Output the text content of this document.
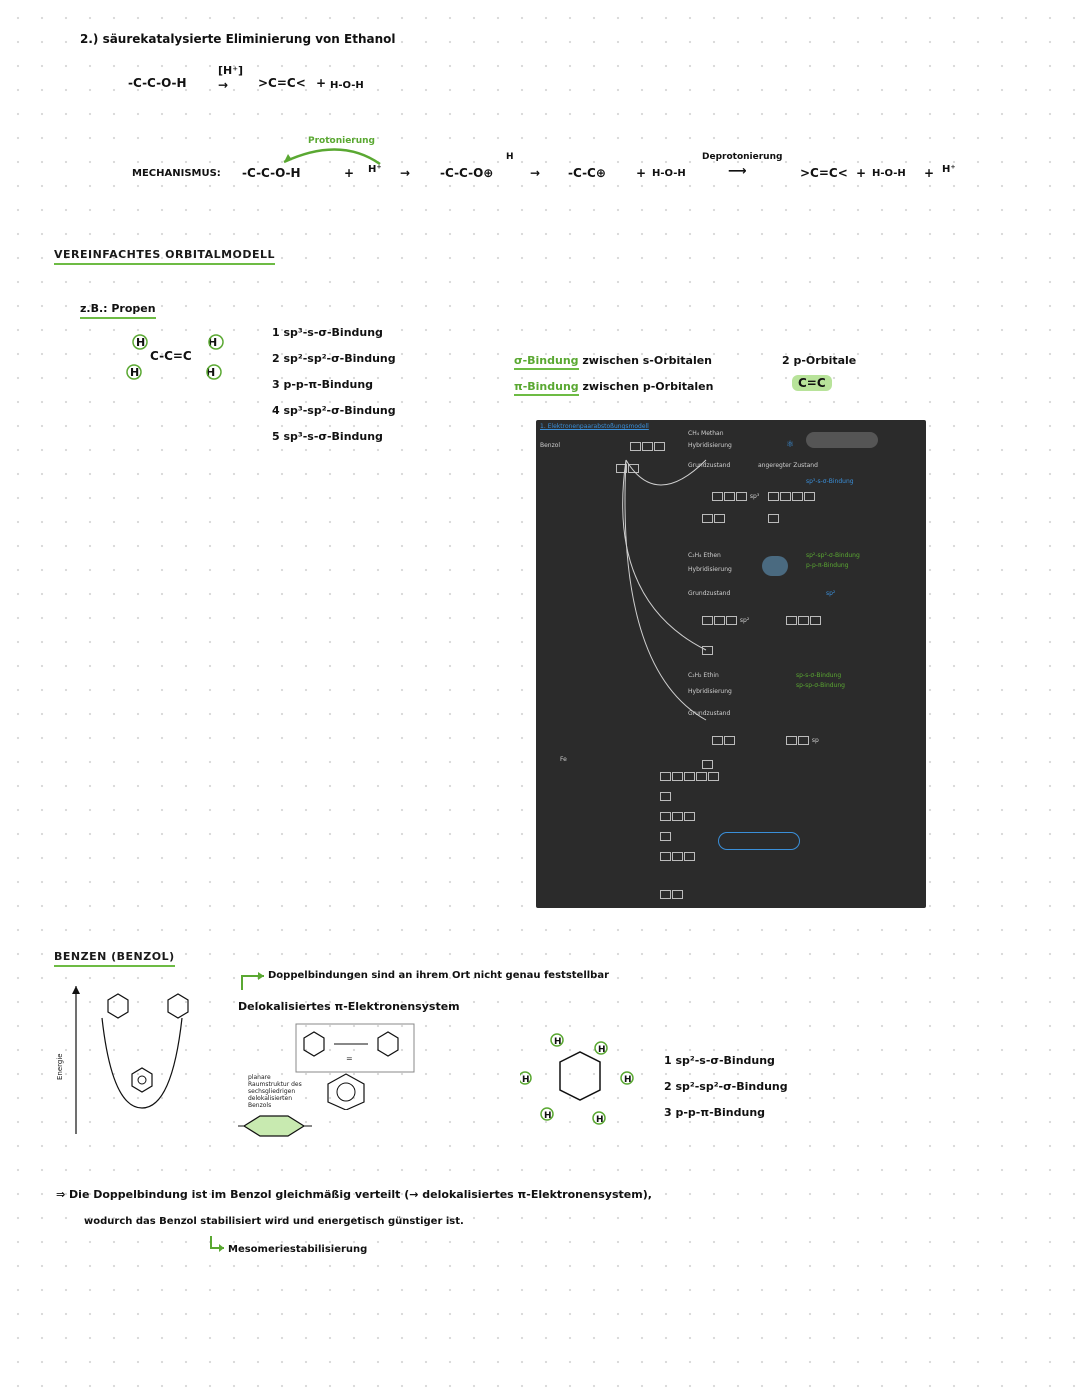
2.) säurekatalysierte Eliminierung von Ethanol
-C-C-O-H
[H⁺]
→ >C=C< + H-O-H
MECHANISMUS: -C-C-O-H	+ H⁺
Protonierung
→ -C-C-O⊕
H
→ -C-C⊕	+ H-O-H
Deprotonierung
⟶	>C=C< + H-O-H + H⁺
VEREINFACHTES ORBITALMODELL
z.B.: Propen
H
H
C-C=C
H
H
1 sp³-s-σ-Bindung
2 sp²-sp²-σ-Bindung
3 p-p-π-Bindung
4 sp³-sp²-σ-Bindung
5 sp³-s-σ-Bindung
σ-Bindung zwischen s-Orbitalen
π-Bindung zwischen p-Orbitalen
2 p-Orbitale
C=C
1. Elektronenpaarabstoßungsmodell
Benzol
CH₄ Methan
Hybridisierung
Grundzustand
sp³
angeregter Zustand
⚛
sp³-s-σ-Bindung
C₂H₄ Ethen
Hybridisierung
Grundzustand
sp²
sp²-sp²-σ-Bindung
p-p-π-Bindung
sp²
C₂H₂ Ethin
Hybridisierung
Grundzustand
sp-s-σ-Bindung
sp-sp-σ-Bindung
sp
Fe
BENZEN (BENZOL)
Energie
Doppelbindungen sind an ihrem Ort nicht genau feststellbar
Delokalisiertes π-Elektronensystem
=
planare Raumstruktur des sechsgliedrigen delokalisierten Benzols
H
H
H	H
H	H
1 sp²-s-σ-Bindung
2 sp²-sp²-σ-Bindung
3 p-p-π-Bindung
⇒ Die Doppelbindung ist im Benzol gleichmäßig verteilt (→ delokalisiertes π-Elektronensystem),
wodurch das Benzol stabilisiert wird und energetisch günstiger ist.
Mesomeriestabilisierung
